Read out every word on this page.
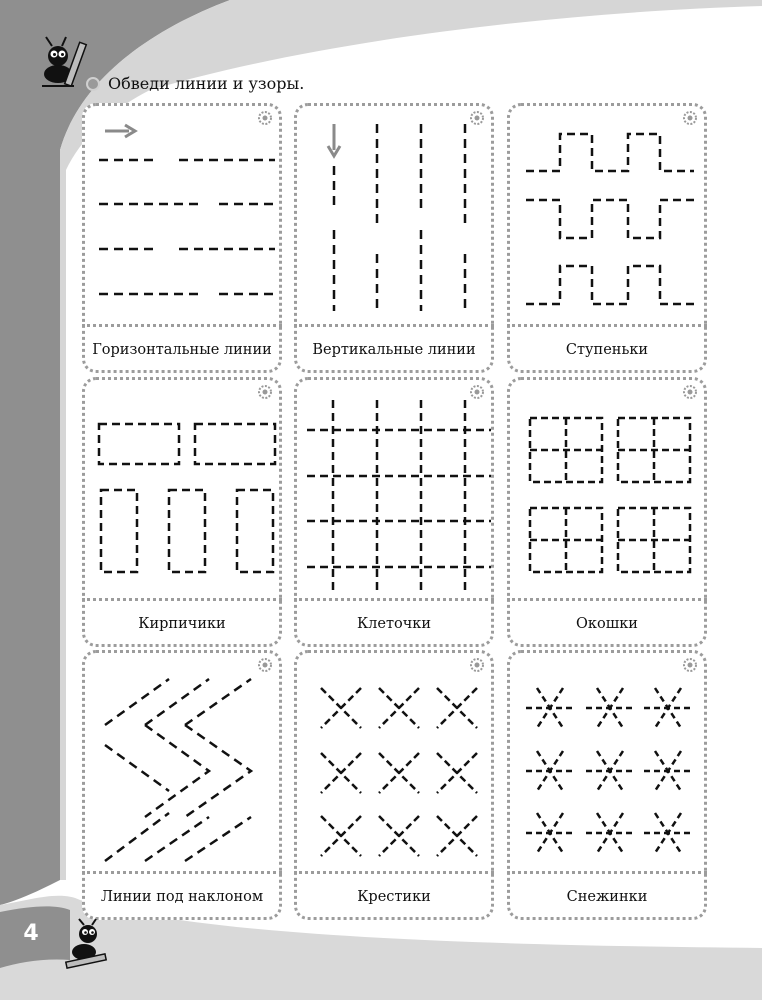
Обведи линии и узоры.
Горизонтальные линии	Вертикальные линии	Ступеньки
Кирпичики	Клеточки	Окошки
Линии под наклоном	Крестики	Снежинки
4
